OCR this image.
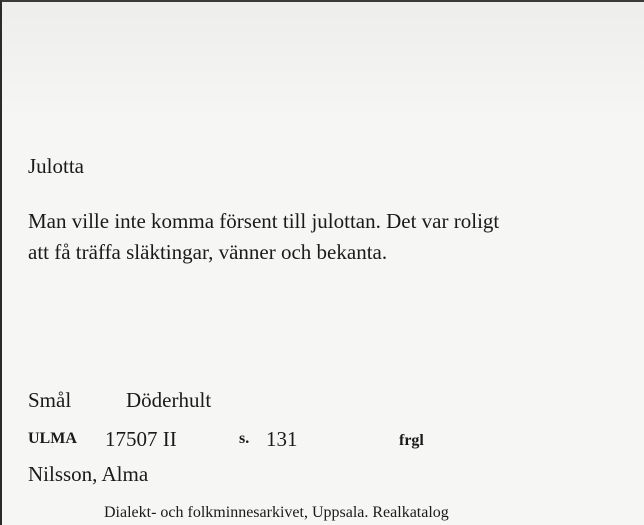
Julotta
Man ville inte komma försent till julottan. Det var roligt
att få träffa släktingar, vänner och bekanta.
Smål	Döderhult
ULMA 17507 II	s. 131	frgl
Nilsson, Alma
Dialekt- och folkminnesarkivet, Uppsala. Realkatalog
